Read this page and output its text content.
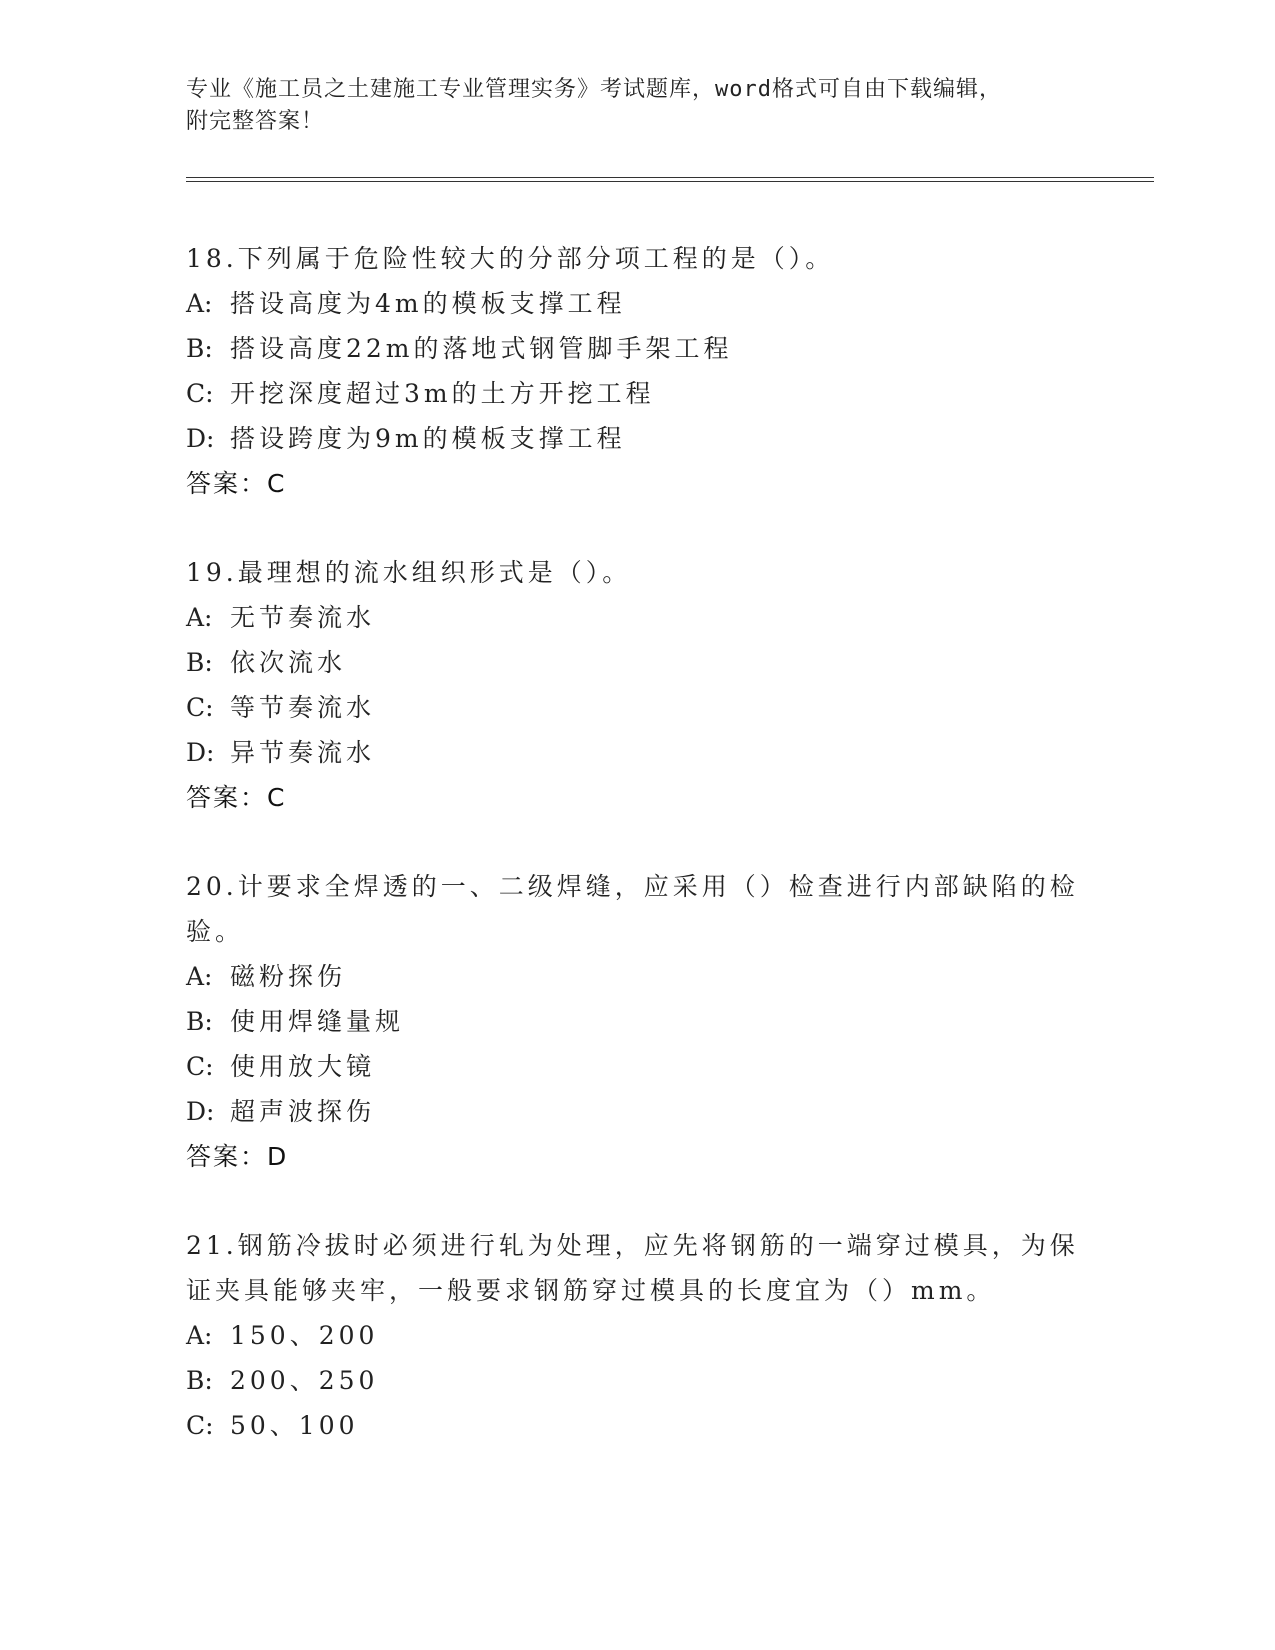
专业《施工员之土建施工专业管理实务》考试题库，word格式可自由下载编辑，
附完整答案！
18.下列属于危险性较大的分部分项工程的是（）。
A: 搭设高度为4m的模板支撑工程
B: 搭设高度22m的落地式钢管脚手架工程
C: 开挖深度超过3m的土方开挖工程
D: 搭设跨度为9m的模板支撑工程
答案：C
19.最理想的流水组织形式是（）。
A: 无节奏流水
B: 依次流水
C: 等节奏流水
D: 异节奏流水
答案：C
20.计要求全焊透的一、二级焊缝，应采用（）检查进行内部缺陷的检
验。
A: 磁粉探伤
B: 使用焊缝量规
C: 使用放大镜
D: 超声波探伤
答案：D
21.钢筋冷拔时必须进行轧为处理，应先将钢筋的一端穿过模具，为保
证夹具能够夹牢，一般要求钢筋穿过模具的长度宜为（）mm。
A: 150、200
B: 200、250
C: 50、100
